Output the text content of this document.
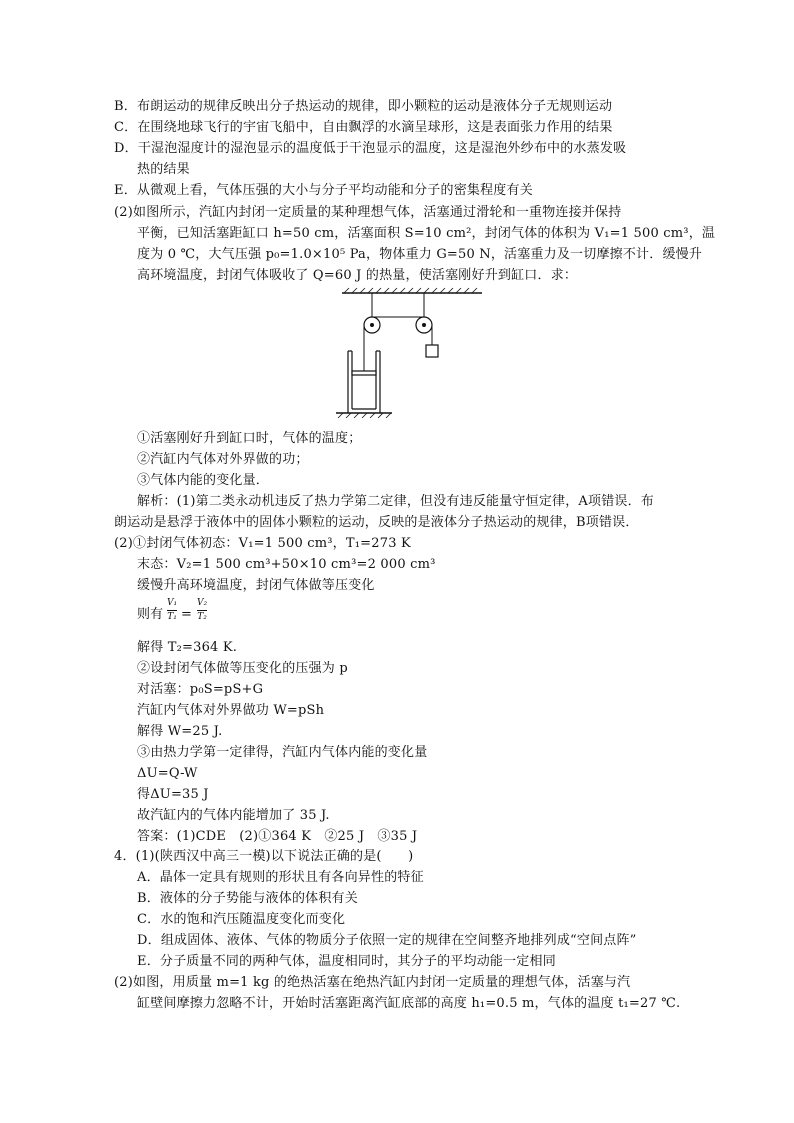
B．布朗运动的规律反映出分子热运动的规律，即小颗粒的运动是液体分子无规则运动
C．在围绕地球飞行的宇宙飞船中，自由飘浮的水滴呈球形，这是表面张力作用的结果
D．干湿泡湿度计的湿泡显示的温度低于干泡显示的温度，这是湿泡外纱布中的水蒸发吸
热的结果
E．从微观上看，气体压强的大小与分子平均动能和分子的密集程度有关
(2)如图所示，汽缸内封闭一定质量的某种理想气体，活塞通过滑轮和一重物连接并保持
平衡，已知活塞距缸口 h=50 cm，活塞面积 S=10 cm²，封闭气体的体积为 V₁=1 500 cm³，温
度为 0 ℃，大气压强 p₀=1.0×10⁵ Pa，物体重力 G=50 N，活塞重力及一切摩擦不计．缓慢升
高环境温度，封闭气体吸收了 Q=60 J 的热量，使活塞刚好升到缸口．求：
①活塞刚好升到缸口时，气体的温度；
②汽缸内气体对外界做的功；
③气体内能的变化量．
解析：(1)第二类永动机违反了热力学第二定律，但没有违反能量守恒定律，A项错误．布
朗运动是悬浮于液体中的固体小颗粒的运动，反映的是液体分子热运动的规律，B项错误．
(2)①封闭气体初态：V₁=1 500 cm³，T₁=273 K
末态：V₂=1 500 cm³+50×10 cm³=2 000 cm³
缓慢升高环境温度，封闭气体做等压变化
则有
V₁
T₁ =
V₂
T₂
解得 T₂=364 K.
②设封闭气体做等压变化的压强为 p
对活塞：p₀S=pS+G
汽缸内气体对外界做功 W=pSh
解得 W=25 J.
③由热力学第一定律得，汽缸内气体内能的变化量
ΔU=Q-W
得ΔU=35 J
故汽缸内的气体内能增加了 35 J.
答案：(1)CDE　(2)①364 K　②25 J　③35 J
4．(1)(陕西汉中高三一模)以下说法正确的是(　　)
A．晶体一定具有规则的形状且有各向异性的特征
B．液体的分子势能与液体的体积有关
C．水的饱和汽压随温度变化而变化
D．组成固体、液体、气体的物质分子依照一定的规律在空间整齐地排列成“空间点阵”
E．分子质量不同的两种气体，温度相同时，其分子的平均动能一定相同
(2)如图，用质量 m=1 kg 的绝热活塞在绝热汽缸内封闭一定质量的理想气体，活塞与汽
缸壁间摩擦力忽略不计，开始时活塞距离汽缸底部的高度 h₁=0.5 m，气体的温度 t₁=27 ℃.
